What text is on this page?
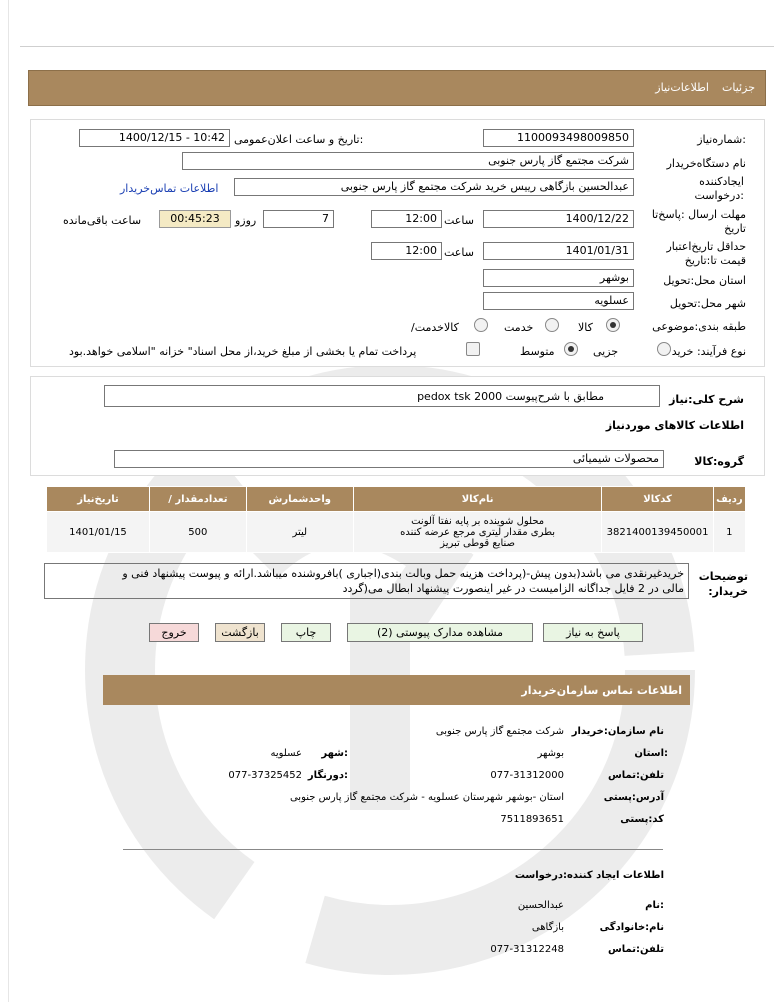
جزئیات
اطلاعات‌نیاز
شماره‌نیاز:
1100093498009850
تاریخ و ساعت اعلان‌عمومی:
1400/12/15 - 10:42
نام دستگاه‌خریدار
شرکت مجتمع گاز پارس جنوبی
ایجادکننده
درخواست:
عبدالحسین بازگاهی رییس خرید شرکت مجتمع گاز پارس جنوبی
اطلاعات تماس‌خریدار
مهلت ارسال :پاسخ‌تا
تاریخ
1400/12/22
ساعت
12:00
7
روزو
00:45:23
ساعت باقی‌مانده
حداقل تاریخ‌اعتبار
قیمت تا:تاریخ
1401/01/31
ساعت
12:00
استان محل:تحویل
بوشهر
شهر محل:تحویل
عسلویه
طبقه بندی:موضوعی
کالا
خدمت
/کالا‌خدمت
نوع فرآیند: خرید
جزیی
متوسط
پرداخت تمام یا بخشی از مبلغ خرید،از محل اسناد" خزانه "اسلامی خواهد.بود
شرح کلی:نیاز
pedox tsk 2000 مطابق با شرح‌پیوست
اطلاعات کالاهای موردنیاز
گروه:کالا
محصولات شیمیائی
تاریخ‌نیاز	/ تعدادمقدار	واحدشمارش	نام‌کالا	کدکالا	ردیف
1401/01/15	500	لیتر	محلول شوینده بر پایه نفتا آلونت
بطری مقدار لیتری مرجع عرضه کننده
صنایع قوطی تبریز	3821400139450001	1
توضیحات
:خریدار
خریدغیرنقدی می باشد(بدون پیش-(پرداخت هزینه حمل وبالت بندی(اجباری )بافروشنده میباشد.ارائه و پیوست پیشنهاد فنی و
مالی در 2 فایل جداگانه الزامیست در غیر اینصورت پیشنهاد ابطال می(گردد
پاسخ به نیاز
مشاهده مدارک پیوستی (2)
چاپ
بازگشت
خروج
اطلاعات تماس سازمان‌خریدار
نام سازمان:خریدار
شرکت مجتمع گاز پارس جنوبی
استان:
بوشهر
شهر:
عسلویه
تلفن:تماس
077-31312000
دورنگار:
077-37325452
آدرس:پستی
استان -بوشهر شهرستان عسلویه - شرکت مجتمع گاز پارس جنوبی
کد:پستی
7511893651
اطلاعات ایجاد کننده:درخواست
نام:
عبدالحسین
نام:خانوادگی
بازگاهی
تلفن:تماس
077-31312248
